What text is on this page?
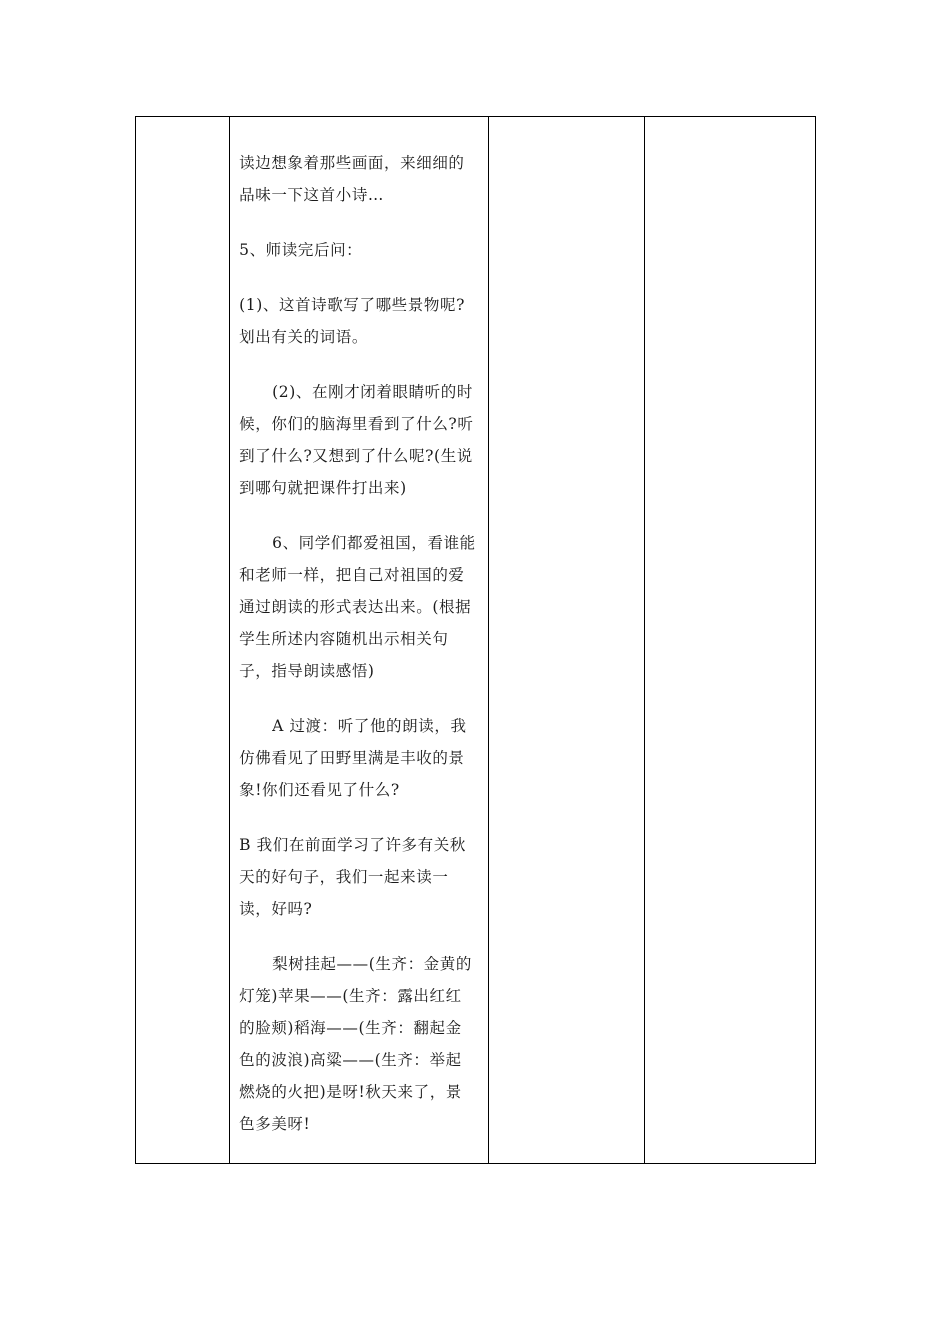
读边想象着那些画面，来细细的品味一下这首小诗…

5、师读完后问：

(1)、这首诗歌写了哪些景物呢?划出有关的词语。

(2)、在刚才闭着眼睛听的时候，你们的脑海里看到了什么?听到了什么?又想到了什么呢?(生说到哪句就把课件打出来)

6、同学们都爱祖国，看谁能和老师一样，把自己对祖国的爱通过朗读的形式表达出来。(根据学生所述内容随机出示相关句子，指导朗读感悟)

A 过渡：听了他的朗读，我仿佛看见了田野里满是丰收的景象!你们还看见了什么?

B 我们在前面学习了许多有关秋天的好句子，我们一起来读一读，好吗?

梨树挂起——(生齐：金黄的灯笼)苹果——(生齐：露出红红的脸颊)稻海——(生齐：翻起金色的波浪)高粱——(生齐：举起燃烧的火把)是呀!秋天来了，景色多美呀!
